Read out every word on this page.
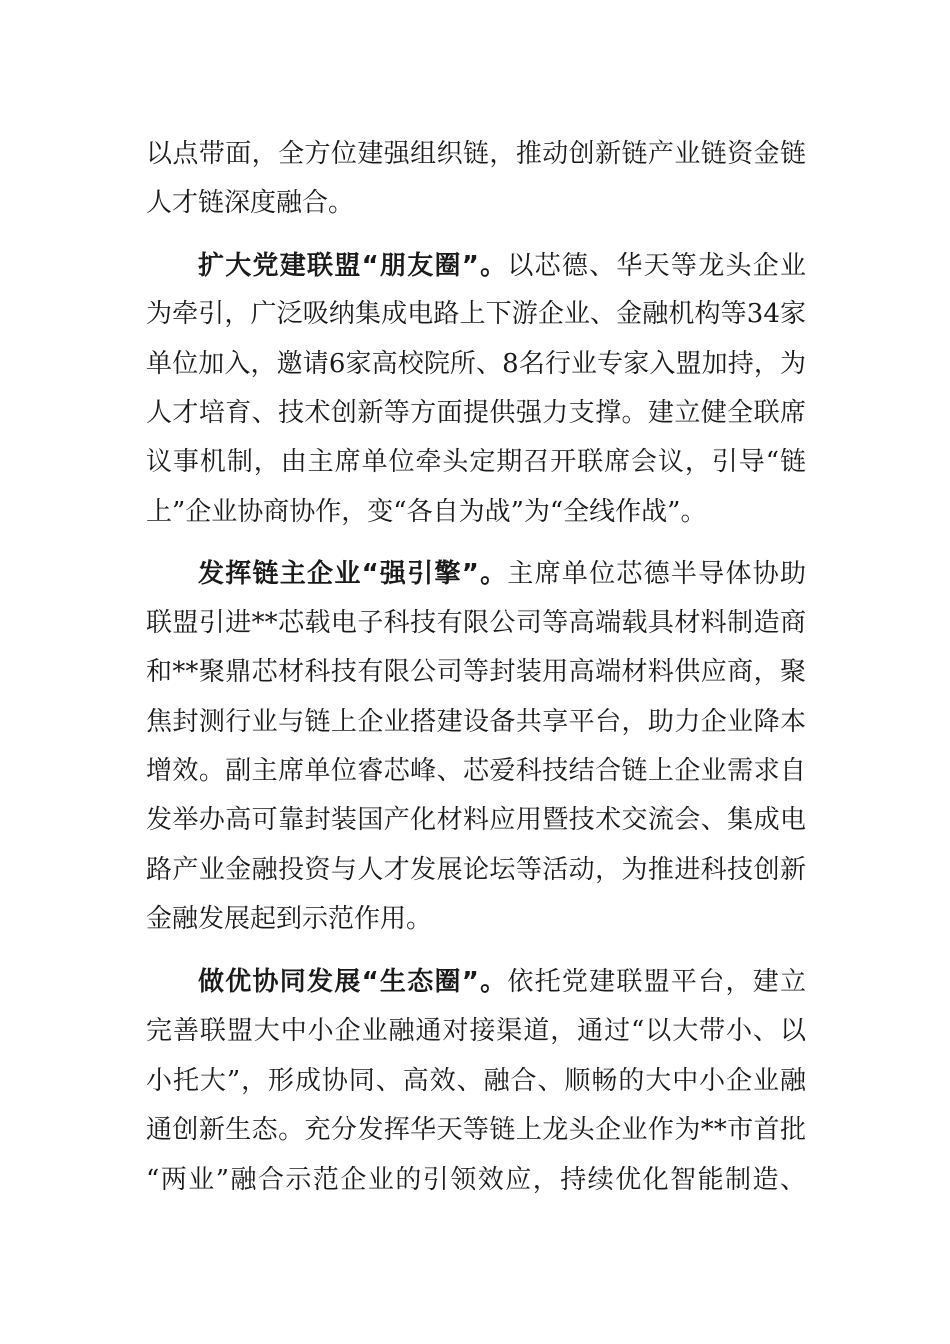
以点带面，全方位建强组织链，推动创新链产业链资金链
人才链深度融合。
扩大党建联盟“朋友圈”。以芯德、华天等龙头企业
为牵引，广泛吸纳集成电路上下游企业、金融机构等34家
单位加入，邀请6家高校院所、8名行业专家入盟加持，为
人才培育、技术创新等方面提供强力支撑。建立健全联席
议事机制，由主席单位牵头定期召开联席会议，引导“链
上”企业协商协作，变“各自为战”为“全线作战”。
发挥链主企业“强引擎”。主席单位芯德半导体协助
联盟引进**芯载电子科技有限公司等高端载具材料制造商
和**聚鼎芯材科技有限公司等封装用高端材料供应商，聚
焦封测行业与链上企业搭建设备共享平台，助力企业降本
增效。副主席单位睿芯峰、芯爱科技结合链上企业需求自
发举办高可靠封装国产化材料应用暨技术交流会、集成电
路产业金融投资与人才发展论坛等活动，为推进科技创新
金融发展起到示范作用。
做优协同发展“生态圈”。依托党建联盟平台，建立
完善联盟大中小企业融通对接渠道，通过“以大带小、以
小托大”，形成协同、高效、融合、顺畅的大中小企业融
通创新生态。充分发挥华天等链上龙头企业作为**市首批
“两业”融合示范企业的引领效应，持续优化智能制造、
